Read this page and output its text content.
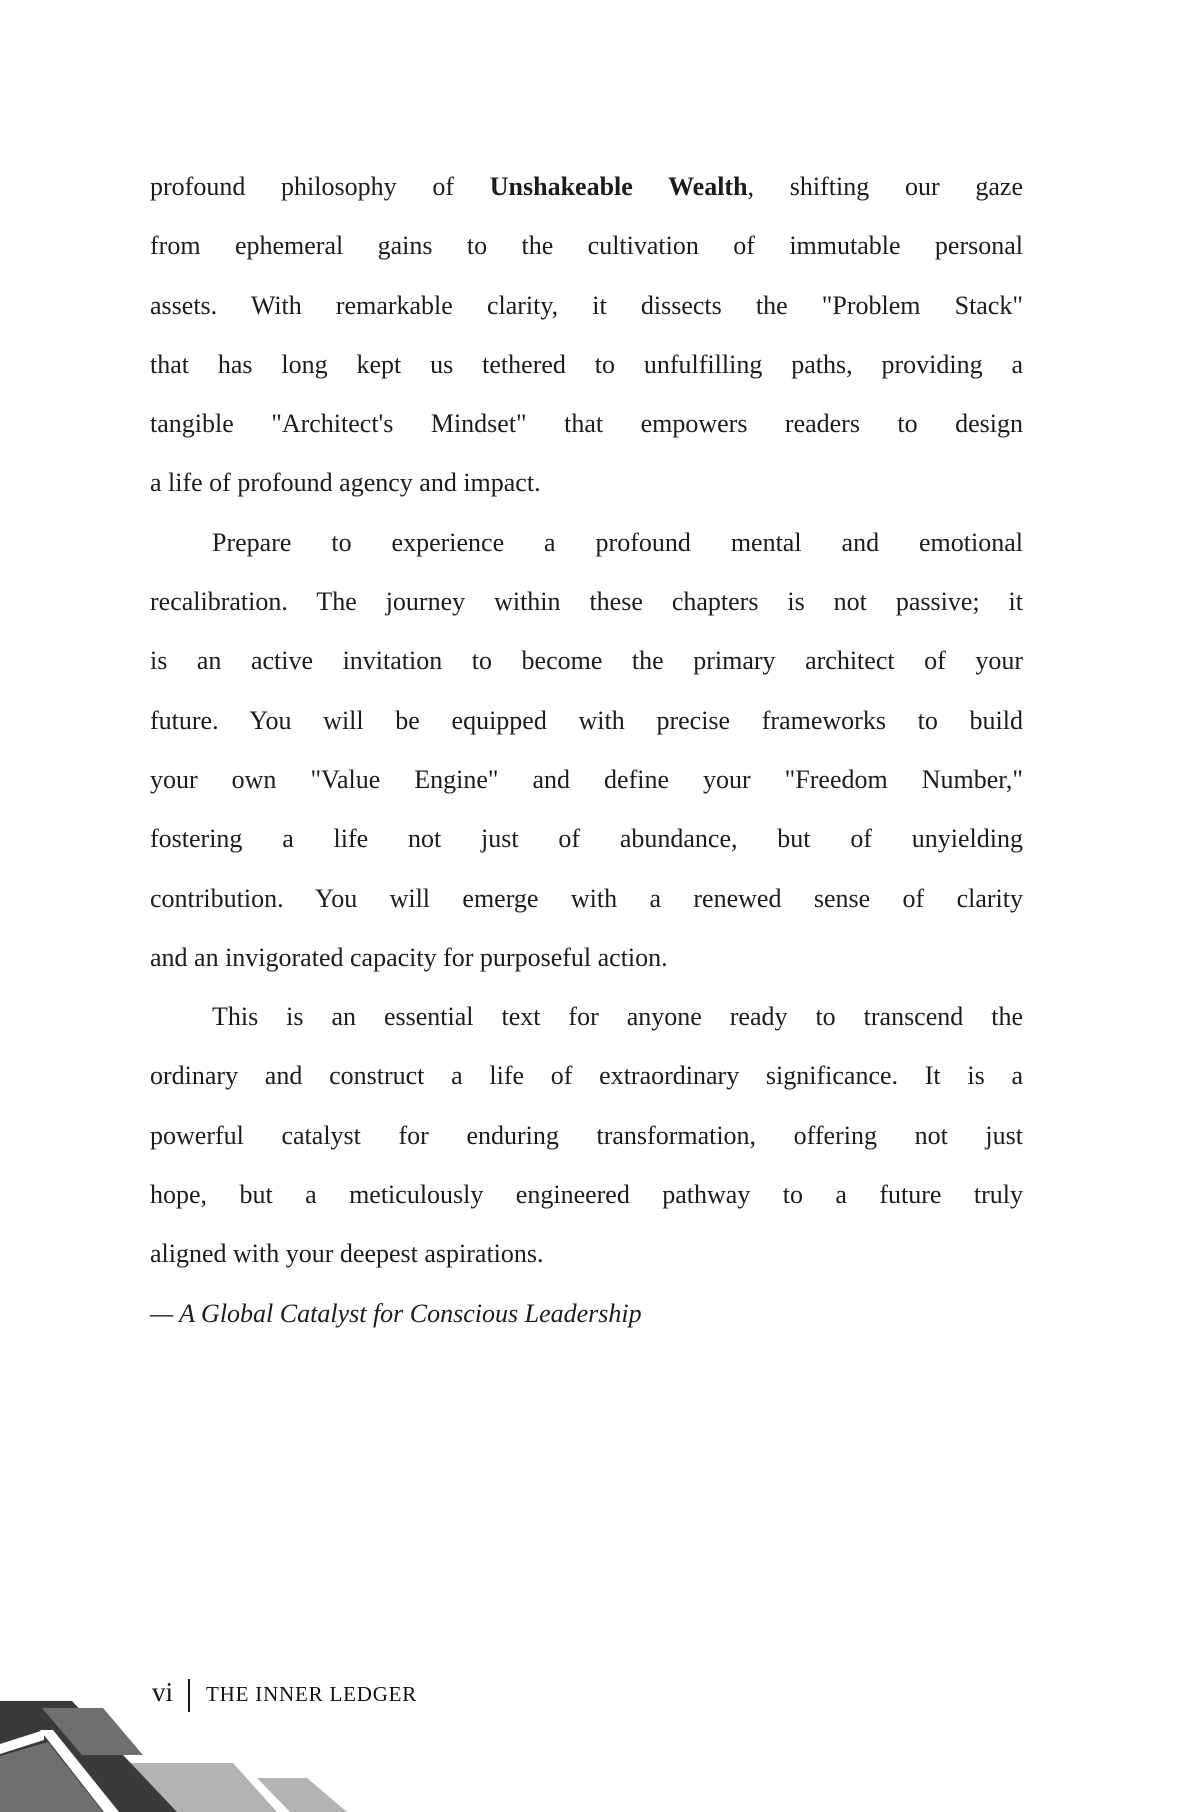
profound philosophy of Unshakeable Wealth, shifting our gaze
from ephemeral gains to the cultivation of immutable personal
assets. With remarkable clarity, it dissects the "Problem Stack"
that has long kept us tethered to unfulfilling paths, providing a
tangible "Architect's Mindset" that empowers readers to design
a life of profound agency and impact.
Prepare to experience a profound mental and emotional
recalibration. The journey within these chapters is not passive; it
is an active invitation to become the primary architect of your
future. You will be equipped with precise frameworks to build
your own "Value Engine" and define your "Freedom Number,"
fostering a life not just of abundance, but of unyielding
contribution. You will emerge with a renewed sense of clarity
and an invigorated capacity for purposeful action.
This is an essential text for anyone ready to transcend the
ordinary and construct a life of extraordinary significance. It is a
powerful catalyst for enduring transformation, offering not just
hope, but a meticulously engineered pathway to a future truly
aligned with your deepest aspirations.
— A Global Catalyst for Conscious Leadership
vi THE INNER LEDGER
